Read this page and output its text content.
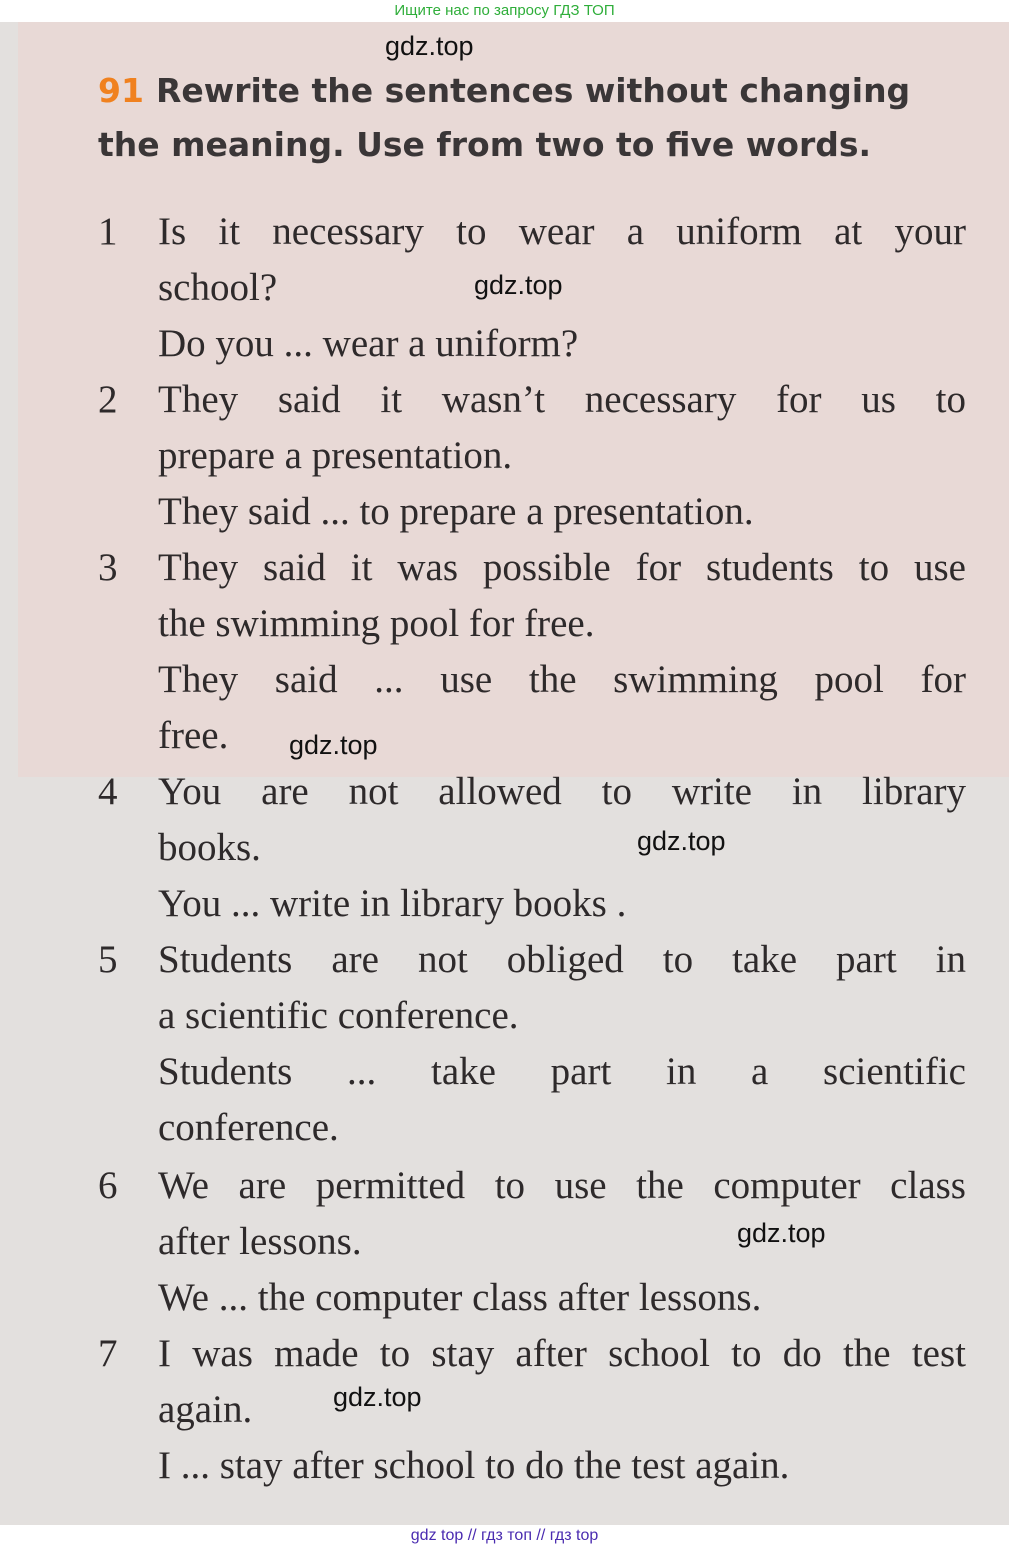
Ищите нас по запросу ГДЗ ТОП
gdz.top
gdz.top
gdz.top
gdz.top
gdz.top
gdz.top
91 Rewrite the sentences without changing
the meaning. Use from two to five words.
1 Is it necessary to wear a uniform at your
school?
Do you ... wear a uniform?
2 They said it wasn’t necessary for us to
prepare a presentation.
They said ... to prepare a presentation.
3 They said it was possible for students to use
the swimming pool for free.
They said ... use the swimming pool for
free.
4 You are not allowed to write in library
books.
You ... write in library books .
5 Students are not obliged to take part in
a scientific conference.
Students ... take part in a scientific
conference.
6 We are permitted to use the computer class
after lessons.
We ... the computer class after lessons.
7 I was made to stay after school to do the test
again.
I ... stay after school to do the test again.
gdz top // гдз топ // гдз top
